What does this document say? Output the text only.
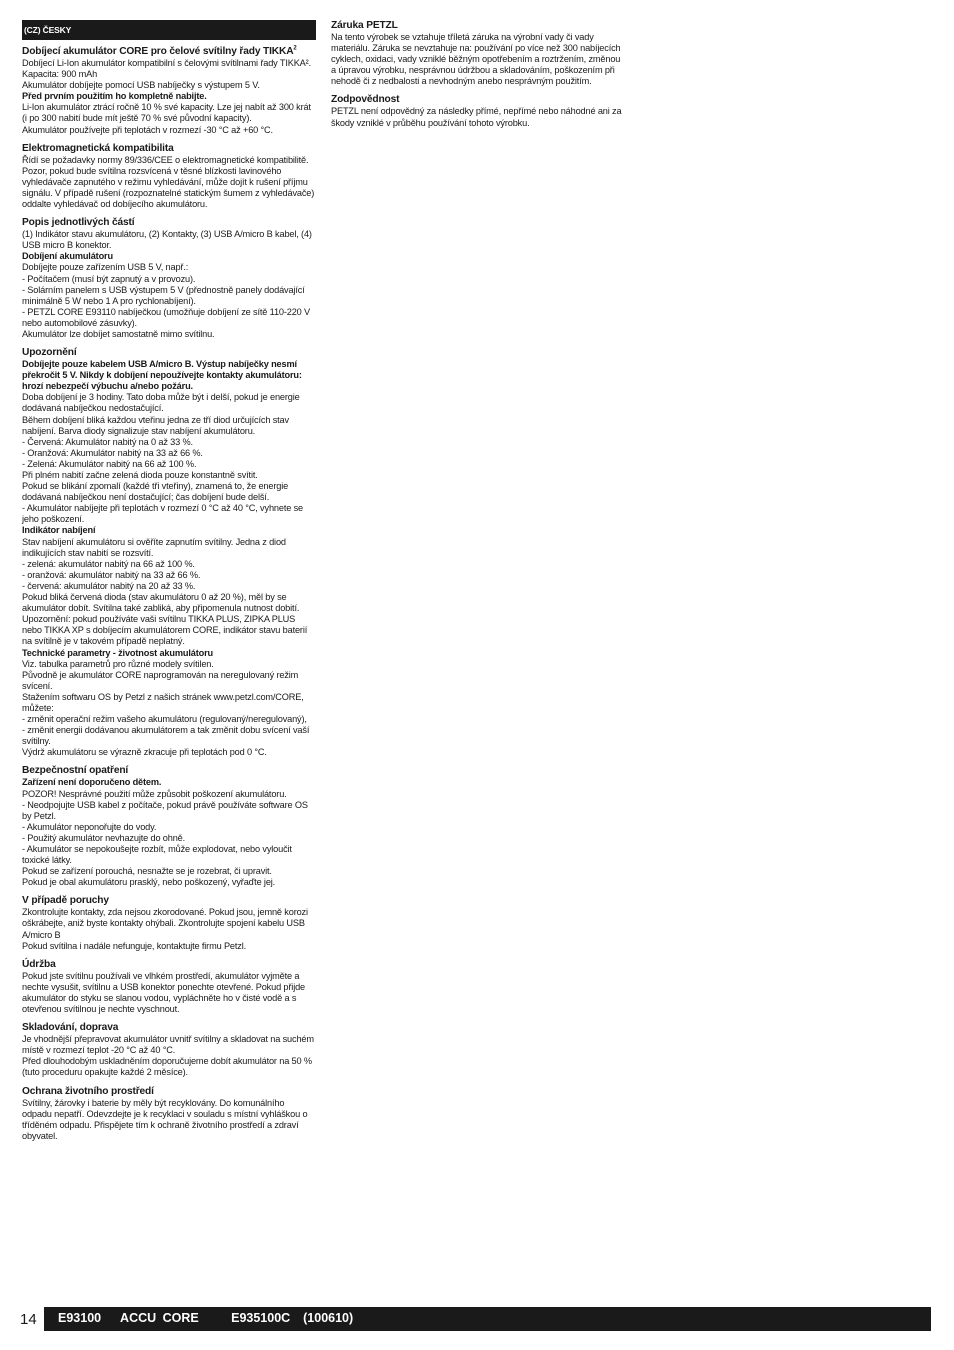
(CZ) ČESKY
Dobíjecí akumulátor CORE pro čelové svítilny řady TIKKA$^2$
Dobíjecí Li-Ion akumulátor kompatibilní s čelovými svítilnami řady TIKKA².
Kapacita: 900 mAh
Akumulátor dobíjejte pomocí USB nabíječky s výstupem 5 V.
Před prvním použitím ho kompletně nabijte.
Li-Ion akumulátor ztrácí ročně 10 % své kapacity. Lze jej nabít až 300 krát (i po 300 nabití bude mít ještě 70 % své původní kapacity).
Akumulátor používejte při teplotách v rozmezí -30 °C až +60 °C.
Elektromagnetická kompatibilita
Řídí se požadavky normy 89/336/CEE o elektromagnetické kompatibilitě.
Pozor, pokud bude svítilna rozsvícená v těsné blízkosti lavinového vyhledávače zapnutého v režimu vyhledávání, může dojít k rušení příjmu signálu. V případě rušení (rozpoznatelné statickým šumem z vyhledávače) oddalte vyhledávač od dobíjecího akumulátoru.
Popis jednotlivých částí
(1) Indikátor stavu akumulátoru, (2) Kontakty, (3) USB A/micro B kabel, (4) USB micro B konektor.
Dobíjení akumulátoru
Dobíjejte pouze zařízením USB 5 V, např.:
- Počítačem (musí být zapnutý a v provozu).
- Solárním panelem s USB výstupem 5 V (přednostně panely dodávající minimálně 5 W nebo 1 A pro rychlonabíjení).
- PETZL CORE E93110 nabíječkou (umožňuje dobíjení ze sítě 110-220 V nebo automobilové zásuvky).
Akumulátor lze dobíjet samostatně mimo svítilnu.
Upozornění
Dobíjejte pouze kabelem USB A/micro B. Výstup nabíječky nesmí překročit 5 V. Nikdy k dobíjení nepoužívejte kontakty akumulátoru: hrozí nebezpečí výbuchu a/nebo požáru.
Doba dobíjení je 3 hodiny. Tato doba může být i delší, pokud je energie dodávaná nabíječkou nedostačující.
Během dobíjení bliká každou vteřinu jedna ze tří diod určujících stav nabíjení. Barva diody signalizuje stav nabíjení akumulátoru.
- Červená: Akumulátor nabitý na 0 až 33 %.
- Oranžová: Akumulátor nabitý na 33 až 66 %.
- Zelená: Akumulátor nabitý na 66 až 100 %.
Při plném nabití začne zelená dioda pouze konstantně svítit.
Pokud se blikání zpomalí (každé tři vteřiny), znamená to, že energie dodávaná nabíječkou není dostačující; čas dobíjení bude delší.
- Akumulátor nabíjejte při teplotách v rozmezí 0 °C až 40 °C, vyhnete se jeho poškození.
Indikátor nabíjení
Stav nabíjení akumulátoru si ověříte zapnutím svítilny. Jedna z diod indikujících stav nabití se rozsvítí.
- zelená: akumulátor nabitý na 66 až 100 %.
- oranžová: akumulátor nabitý na 33 až 66 %.
- červená: akumulátor nabitý na 20 až 33 %.
Pokud bliká červená dioda (stav akumulátoru 0 až 20 %), měl by se akumulátor dobít. Svítilna také zabliká, aby připomenula nutnost dobití.
Upozornění: pokud používáte vaši svítilnu TIKKA PLUS, ZIPKA PLUS nebo TIKKA XP s dobíjecím akumulátorem CORE, indikátor stavu baterií na svítilně je v takovém případě neplatný.
Technické parametry - životnost akumulátoru
Viz. tabulka parametrů pro různé modely svítilen.
Původně je akumulátor CORE naprogramován na neregulovaný režim svícení.
Stažením softwaru OS by Petzl z našich stránek www.petzl.com/CORE, můžete:
- změnit operační režim vašeho akumulátoru (regulovaný/neregulovaný),
- změnit energii dodávanou akumulátorem a tak změnit dobu svícení vaší svítilny.
Výdrž akumulátoru se výrazně zkracuje při teplotách pod 0 °C.
Bezpečnostní opatření
Zařízení není doporučeno dětem.
POZOR! Nesprávné použití může způsobit poškození akumulátoru.
- Neodpojujte USB kabel z počítače, pokud právě používáte software OS by Petzl.
- Akumulátor neponořujte do vody.
- Použitý akumulátor nevhazujte do ohně.
- Akumulátor se nepokoušejte rozbít, může explodovat, nebo vyloučit toxické látky.
Pokud se zařízení porouchá, nesnažte se je rozebrat, či upravit.
Pokud je obal akumulátoru prasklý, nebo poškozený, vyřaďte jej.
V případě poruchy
Zkontrolujte kontakty, zda nejsou zkorodované. Pokud jsou, jemně korozi oškrábejte, aniž byste kontakty ohýbali. Zkontrolujte spojení kabelu USB A/micro B
Pokud svítilna i nadále nefunguje, kontaktujte firmu Petzl.
Údržba
Pokud jste svítilnu používali ve vlhkém prostředí, akumulátor vyjměte a nechte vysušit, svítilnu a USB konektor ponechte otevřené. Pokud přijde akumulátor do styku se slanou vodou, vypláchněte ho v čisté vodě a s otevřenou svítilnou je nechte vyschnout.
Skladování, doprava
Je vhodnější přepravovat akumulátor uvnitř svítilny a skladovat na suchém místě v rozmezí teplot -20 °C až 40 °C.
Před dlouhodobým uskladněním doporučujeme dobít akumulátor na 50 % (tuto proceduru opakujte každé 2 měsíce).
Ochrana životního prostředí
Svítilny, žárovky i baterie by měly být recyklovány. Do komunálního odpadu nepatří. Odevzdejte je k recyklaci v souladu s místní vyhláškou o tříděném odpadu. Přispějete tím k ochraně životního prostředí a zdraví obyvatel.
Záruka PETZL
Na tento výrobek se vztahuje tříletá záruka na výrobní vady či vady materiálu. Záruka se nevztahuje na: používání po více než 300 nabíjecích cyklech, oxidaci, vady vzniklé běžným opotřebením a roztržením, změnou a úpravou výrobku, nesprávnou údržbou a skladováním, poškozením při nehodě či z nedbalosti a nevhodným anebo nesprávným použitím.
Zodpovědnost
PETZL není odpovědný za následky přímé, nepřímé nebo náhodné ani za škody vzniklé v průběhu používání tohoto výrobku.
14 E93100   ACCU CORE     E935100C  (100610)
